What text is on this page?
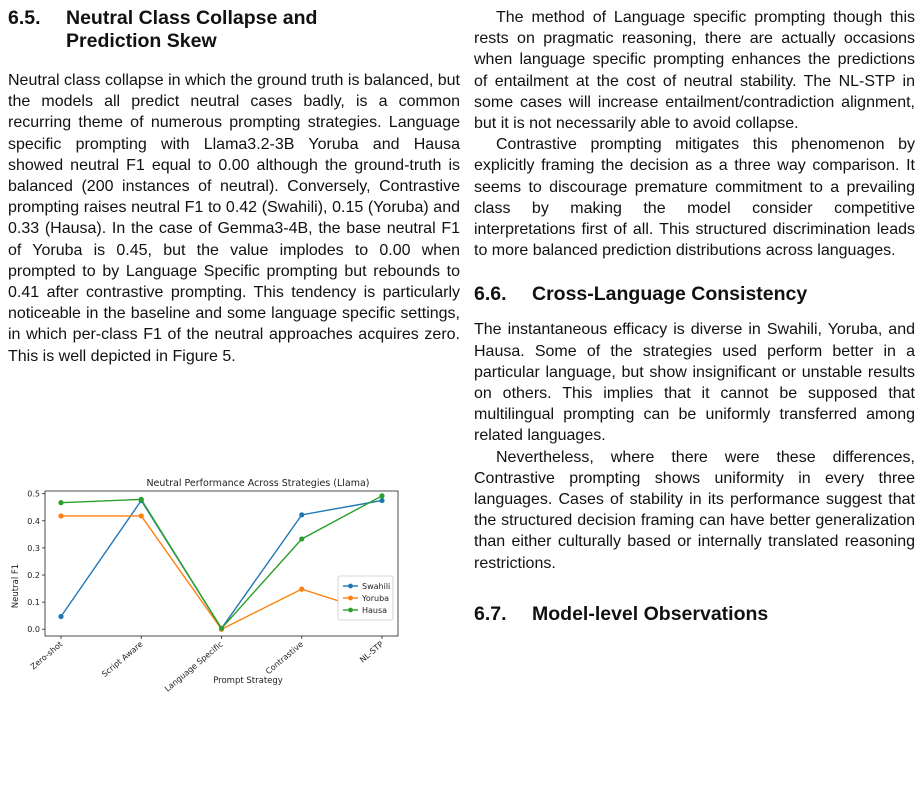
6.5.	Neutral Class Collapse and Prediction Skew

Neutral class collapse in which the ground truth is balanced, but the models all predict neutral cases badly, is a common recurring theme of numerous prompting strategies. Language specific prompting with Llama3.2-3B Yoruba and Hausa showed neutral F1 equal to 0.00 although the ground-truth is balanced (200 instances of neutral). Conversely, Contrastive prompting raises neutral F1 to 0.42 (Swahili), 0.15 (Yoruba) and 0.33 (Hausa). In the case of Gemma3-4B, the base neutral F1 of Yoruba is 0.45, but the value implodes to 0.00 when prompted to by Language Specific prompting but rebounds to 0.41 after contrastive prompting. This tendency is particularly noticeable in the baseline and some language specific settings, in which per-class F1 of the neutral approaches acquires zero. This is well depicted in Figure 5.

Neutral Performance Across Strategies (Llama)
0.0
0.1
0.2
0.3
0.4
0.5
Zero-shot	Script Aware Language Specific	Contrastive	NL-STP
Swahili
Yoruba
Hausa
Prompt Strategy
Neutral F1

The method of Language specific prompting though this rests on pragmatic reasoning, there are actually occasions when language specific prompting enhances the predictions of entailment at the cost of neutral stability. The NL-STP in some cases will increase entailment/contradiction alignment, but it is not necessarily able to avoid collapse.

Contrastive prompting mitigates this phenomenon by explicitly framing the decision as a three way comparison. It seems to discourage premature commitment to a prevailing class by making the model consider competitive interpretations first of all. This structured discrimination leads to more balanced prediction distributions across languages.

6.6.	Cross-Language Consistency

The instantaneous efficacy is diverse in Swahili, Yoruba, and Hausa. Some of the strategies used perform better in a particular language, but show insignificant or unstable results on others. This implies that it cannot be supposed that multilingual prompting can be uniformly transferred among related languages.

Nevertheless, where there were these differences, Contrastive prompting shows uniformity in every three languages. Cases of stability in its performance suggest that the structured decision framing can have better generalization than either culturally based or internally translated reasoning restrictions.

6.7.	Model-level Observations
